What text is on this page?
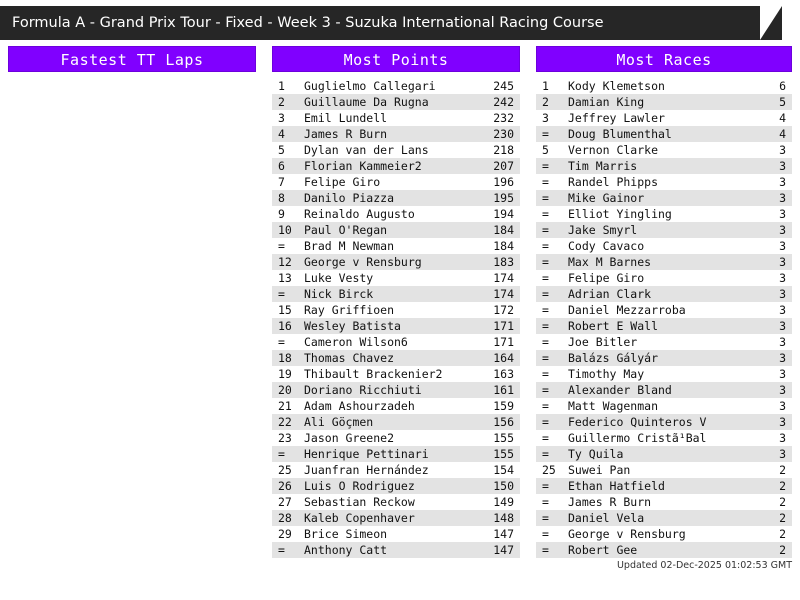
Formula A - Grand Prix Tour - Fixed - Week 3 - Suzuka International Racing Course
Fastest TT Laps	Most Points
1	Guglielmo Callegari	245
2	Guillaume Da Rugna	242
3	Emil Lundell	232
4	James R Burn	230
5	Dylan van der Lans	218
6	Florian Kammeier2	207
7	Felipe Giro	196
8	Danilo Piazza	195
9	Reinaldo Augusto	194
10	Paul O'Regan	184
=	Brad M Newman	184
12	George v Rensburg	183
13	Luke Vesty	174
=	Nick Birck	174
15	Ray Griffioen	172
16	Wesley Batista	171
=	Cameron Wilson6	171
18	Thomas Chavez	164
19	Thibault Brackenier2	163
20	Doriano Ricchiuti	161
21	Adam Ashourzadeh	159
22	Ali Göçmen	156
23	Jason Greene2	155
=	Henrique Pettinari	155
25	Juanfran Hernández	154
26	Luis O Rodriguez	150
27	Sebastian Reckow	149
28	Kaleb Copenhaver	148
29	Brice Simeon	147
=	Anthony Catt	147
Most Races
1	Kody Klemetson	6
2	Damian King	5
3	Jeffrey Lawler	4
=	Doug Blumenthal	4
5	Vernon Clarke	3
=	Tim Marris	3
=	Randel Phipps	3
=	Mike Gainor	3
=	Elliot Yingling	3
=	Jake Smyrl	3
=	Cody Cavaco	3
=	Max M Barnes	3
=	Felipe Giro	3
=	Adrian Clark	3
=	Daniel Mezzarroba	3
=	Robert E Wall	3
=	Joe Bitler	3
=	Balázs Gályár	3
=	Timothy May	3
=	Alexander Bland	3
=	Matt Wagenman	3
=	Federico Quinteros V	3
=	Guillermo Cristã¹Bal	3
=	Ty Quila	3
25	Suwei Pan	2
=	Ethan Hatfield	2
=	James R Burn	2
=	Daniel Vela	2
=	George v Rensburg	2
=	Robert Gee	2
Updated 02-Dec-2025 01:02:53 GMT
